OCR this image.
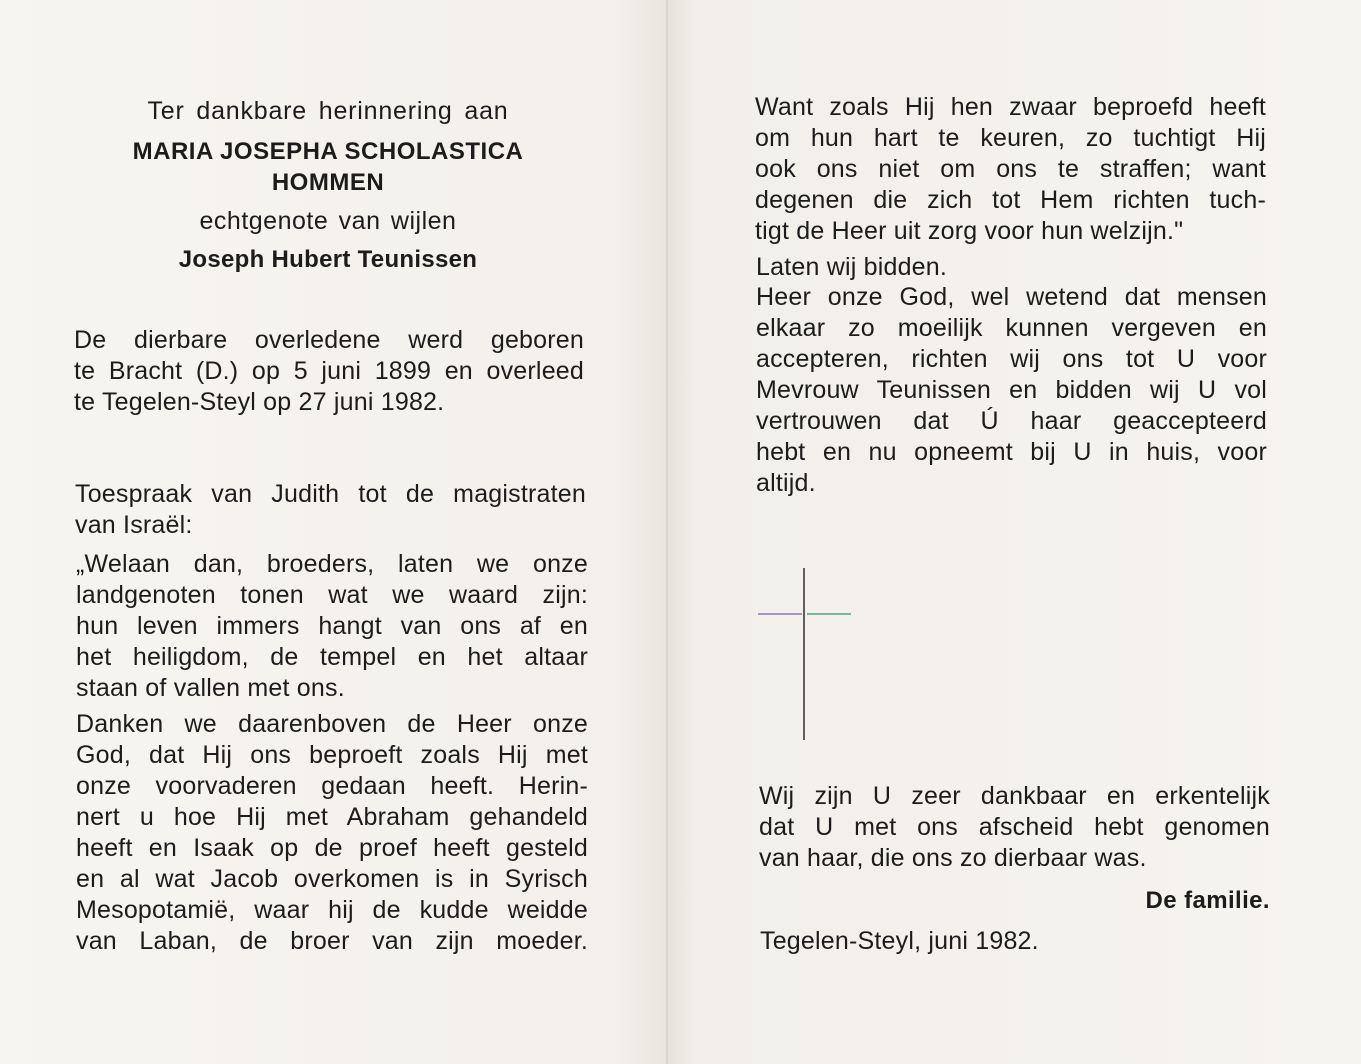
Ter dankbare herinnering aan

MARIA JOSEPHA SCHOLASTICA

HOMMEN

echtgenote van wijlen

Joseph Hubert Teunissen

De dierbare overledene werd geboren

te Bracht (D.) op 5 juni 1899 en overleed

te Tegelen-Steyl op 27 juni 1982.

Toespraak van Judith tot de magistraten

van Israël:

„Welaan dan, broeders, laten we onze

landgenoten tonen wat we waard zijn:

hun leven immers hangt van ons af en

het heiligdom, de tempel en het altaar

staan of vallen met ons.

Danken we daarenboven de Heer onze

God, dat Hij ons beproeft zoals Hij met

onze voorvaderen gedaan heeft. Herin-

nert u hoe Hij met Abraham gehandeld

heeft en Isaak op de proef heeft gesteld

en al wat Jacob overkomen is in Syrisch

Mesopotamië, waar hij de kudde weidde

van Laban, de broer van zijn moeder.

Want zoals Hij hen zwaar beproefd heeft

om hun hart te keuren, zo tuchtigt Hij

ook ons niet om ons te straffen; want

degenen die zich tot Hem richten tuch-

tigt de Heer uit zorg voor hun welzijn."

Laten wij bidden.

Heer onze God, wel wetend dat mensen

elkaar zo moeilijk kunnen vergeven en

accepteren, richten wij ons tot U voor

Mevrouw Teunissen en bidden wij U vol

vertrouwen dat Ú haar geaccepteerd

hebt en nu opneemt bij U in huis, voor

altijd.

Wij zijn U zeer dankbaar en erkentelijk

dat U met ons afscheid hebt genomen

van haar, die ons zo dierbaar was.

De familie.

Tegelen-Steyl, juni 1982.
